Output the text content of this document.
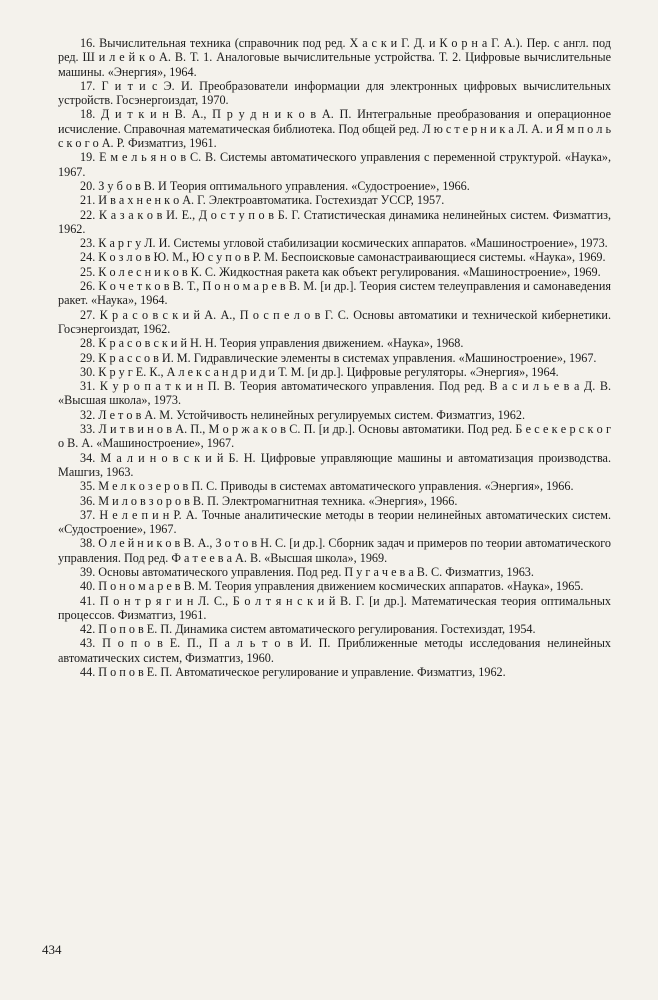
16. Вычислительная техника (справочник под ред. Х а с к и Г. Д. и К о р н а Г. А.). Пер. с англ. под ред. Ш и л е й к о А. В. Т. 1. Аналоговые вычислительные устройства. Т. 2. Цифровые вычислительные машины. «Энергия», 1964.

17. Г и т и с Э. И. Преобразователи информации для электронных цифровых вычислительных устройств. Госэнергоиздат, 1970.

18. Д и т к и н В. А., П р у д н и к о в А. П. Интегральные преобразования и операционное исчисление. Справочная математическая библиотека. Под общей ред. Л ю с т е р н и к а Л. А. и Я м п о л ь с к о г о А. Р. Физматгиз, 1961.

19. Е м е л ь я н о в С. В. Системы автоматического управления с переменной структурой. «Наука», 1967.

20. З у б о в В. И Теория оптимального управления. «Судостроение», 1966.

21. И в а х н е н к о А. Г. Электроавтоматика. Гостехиздат УССР, 1957.

22. К а з а к о в И. Е., Д о с т у п о в Б. Г. Статистическая динамика нелинейных систем. Физматгиз, 1962.

23. К а р г у Л. И. Системы угловой стабилизации космических аппаратов. «Машиностроение», 1973.

24. К о з л о в Ю. М., Ю с у п о в Р. М. Беспоисковые самонастраивающиеся системы. «Наука», 1969.

25. К о л е с н и к о в К. С. Жидкостная ракета как объект регулирования. «Машиностроение», 1969.

26. К о ч е т к о в В. Т., П о н о м а р е в В. М. [и др.]. Теория систем телеуправления и самонаведения ракет. «Наука», 1964.

27. К р а с о в с к и й А. А., П о с п е л о в Г. С. Основы автоматики и технической кибернетики. Госэнергоиздат, 1962.

28. К р а с о в с к и й Н. Н. Теория управления движением. «Наука», 1968.

29. К р а с с о в И. М. Гидравлические элементы в системах управления. «Машиностроение», 1967.

30. К р у г Е. К., А л е к с а н д р и д и Т. М. [и др.]. Цифровые регуляторы. «Энергия», 1964.

31. К у р о п а т к и н П. В. Теория автоматического управления. Под ред. В а с и л ь е в а Д. В. «Высшая школа», 1973.

32. Л е т о в А. М. Устойчивость нелинейных регулируемых систем. Физматгиз, 1962.

33. Л и т в и н о в А. П., М о р ж а к о в С. П. [и др.]. Основы автоматики. Под ред. Б е с е к е р с к о г о В. А. «Машиностроение», 1967.

34. М а л и н о в с к и й Б. Н. Цифровые управляющие машины и автоматизация производства. Машгиз, 1963.

35. М е л к о з е р о в П. С. Приводы в системах автоматического управления. «Энергия», 1966.

36. М и л о в з о р о в В. П. Электромагнитная техника. «Энергия», 1966.

37. Н е л е п и н Р. А. Точные аналитические методы в теории нелинейных автоматических систем. «Судостроение», 1967.

38. О л е й н и к о в В. А., З о т о в Н. С. [и др.]. Сборник задач и примеров по теории автоматического управления. Под ред. Ф а т е е в а А. В. «Высшая школа», 1969.

39. Основы автоматического управления. Под ред. П у г а ч е в а В. С. Физматгиз, 1963.

40. П о н о м а р е в В. М. Теория управления движением космических аппаратов. «Наука», 1965.

41. П о н т р я г и н Л. С., Б о л т я н с к и й В. Г. [и др.]. Математическая теория оптимальных процессов. Физматгиз, 1961.

42. П о п о в Е. П. Динамика систем автоматического регулирования. Гостехиздат, 1954.

43. П о п о в Е. П., П а л ь т о в И. П. Приближенные методы исследования нелинейных автоматических систем, Физматгиз, 1960.

44. П о п о в Е. П. Автоматическое регулирование и управление. Физматгиз, 1962.

434
